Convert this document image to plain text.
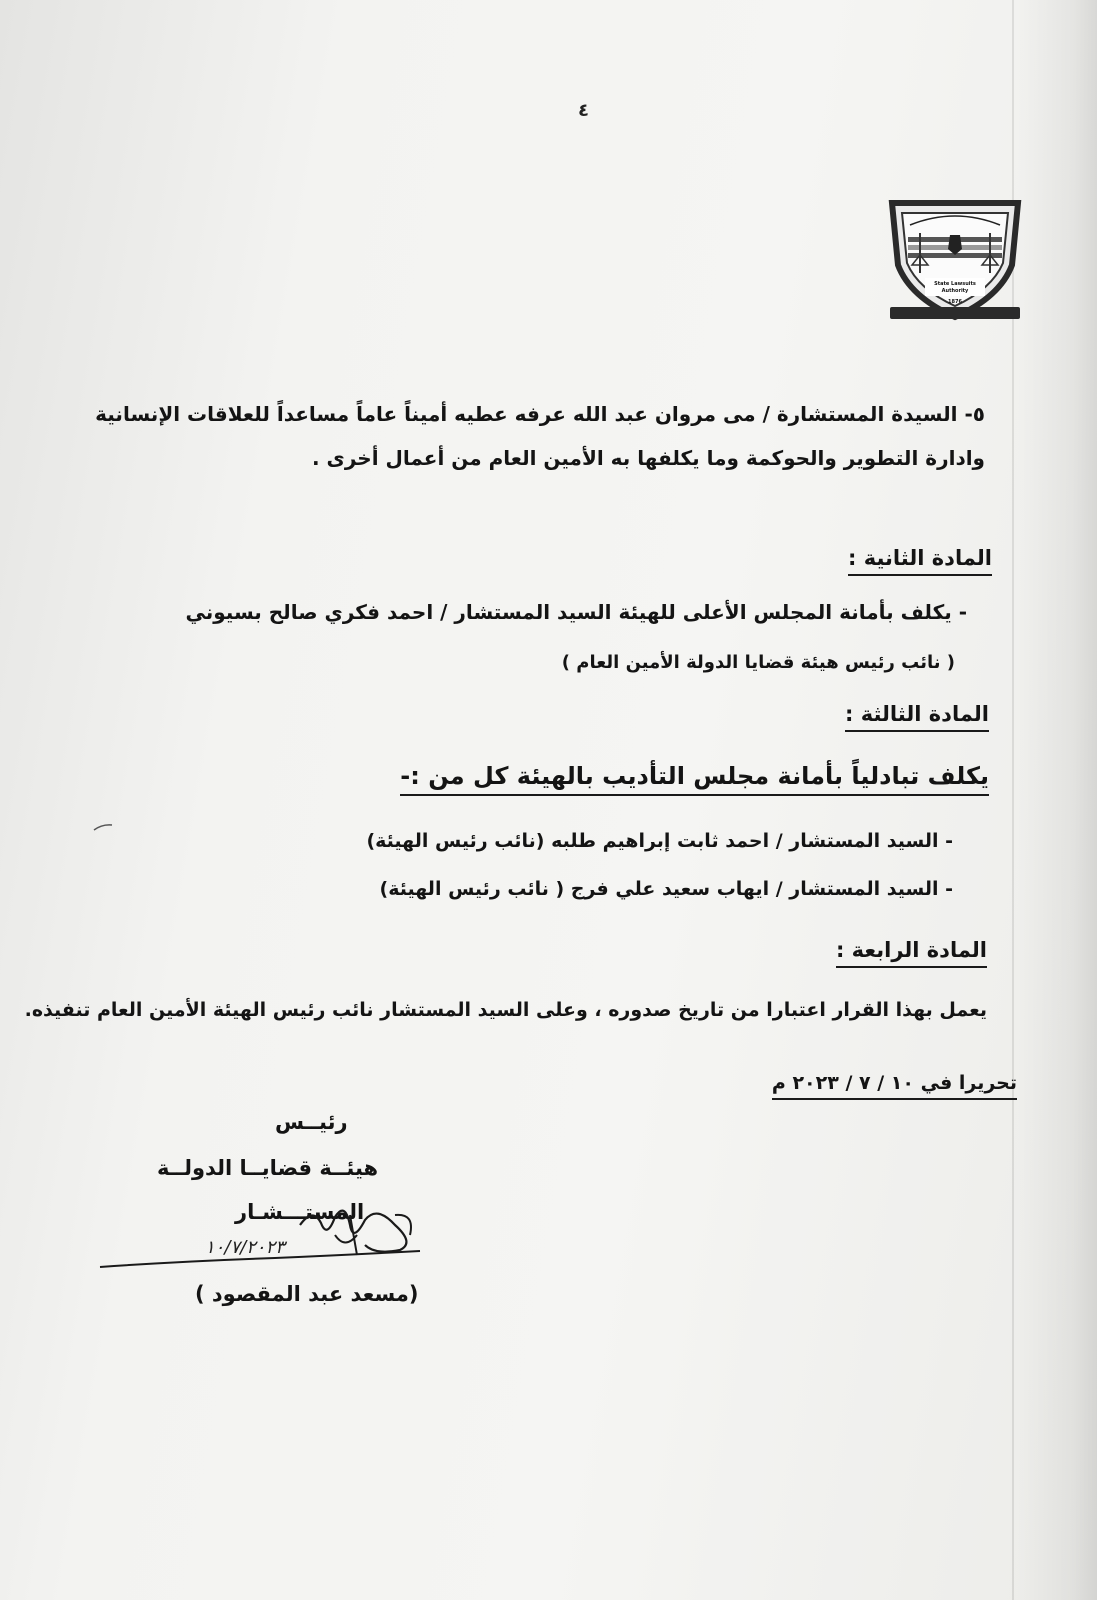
٤
State Lawsuits
Authority
1876
٥- السيدة المستشارة / مى مروان عبد الله عرفه عطيه أميناً عاماً مساعداً للعلاقات الإنسانية وادارة التطوير والحوكمة وما يكلفها به الأمين العام من أعمال أخرى .
المادة الثانية :
- يكلف بأمانة المجلس الأعلى للهيئة السيد المستشار / احمد فكري صالح بسيوني
( نائب رئيس هيئة قضايا الدولة الأمين العام )
المادة الثالثة :
يكلف تبادلياً بأمانة مجلس التأديب بالهيئة كل من :-
- السيد المستشار / احمد ثابت إبراهيم طلبه (نائب رئيس الهيئة)
- السيد المستشار / ايهاب سعيد علي فرج ( نائب رئيس الهيئة)
المادة الرابعة :
يعمل بهذا القرار اعتبارا من تاريخ صدوره ، وعلى السيد المستشار نائب رئيس الهيئة الأمين العام تنفيذه.
تحريرا في ١٠ / ٧ / ٢٠٢٣ م
رئيــس
هيئــة قضايــا الدولــة
المستـــشـار
(مسعد عبد المقصود )
١٠/٧/٢٠٢٣
